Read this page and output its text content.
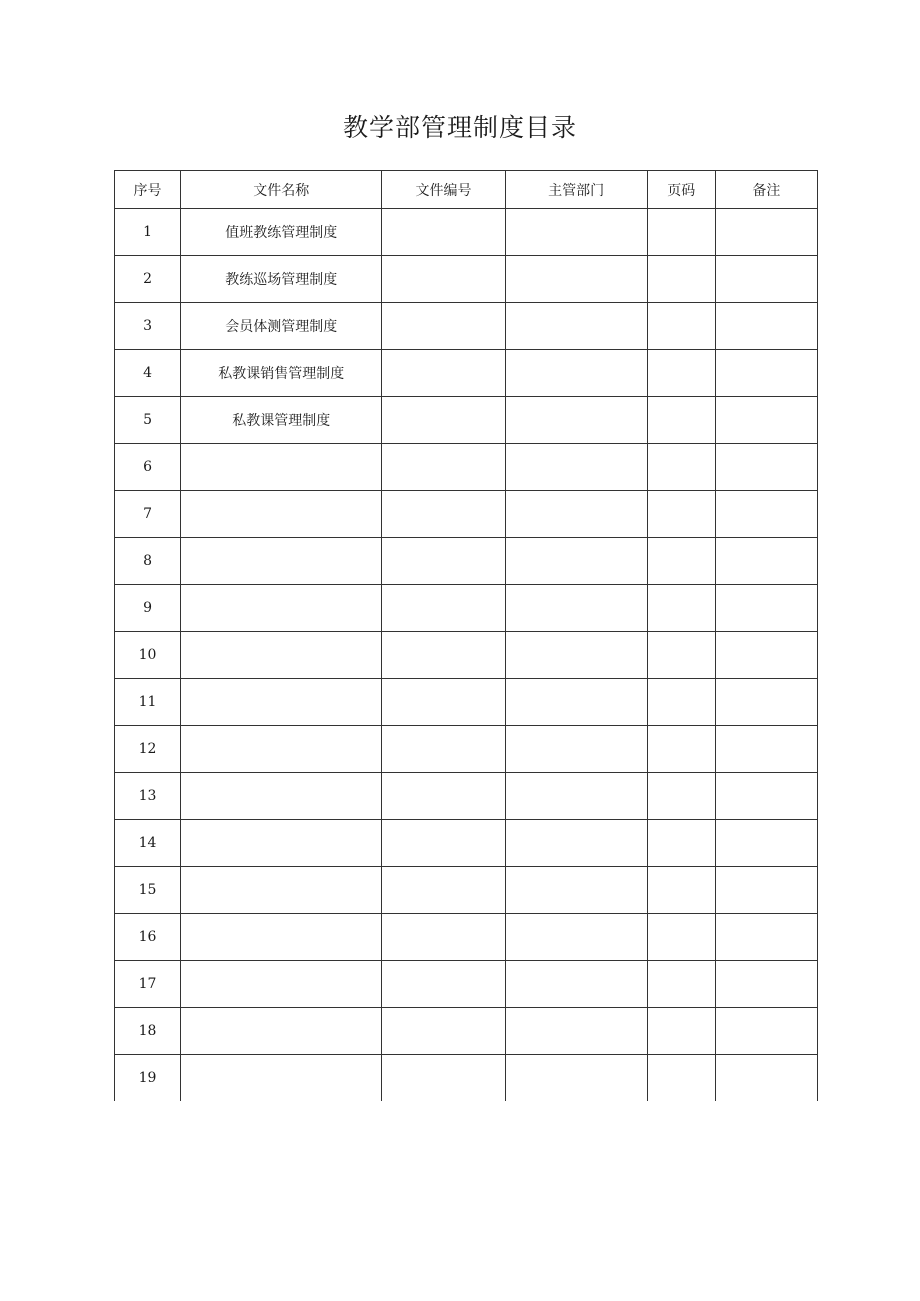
教学部管理制度目录
序号	文件名称	文件编号	主管部门	页码	备注
1	值班教练管理制度				
2	教练巡场管理制度				
3	会员体测管理制度				
4	私教课销售管理制度				
5	私教课管理制度				
6					
7					
8					
9					
10					
11					
12					
13					
14					
15					
16					
17					
18					
19					
